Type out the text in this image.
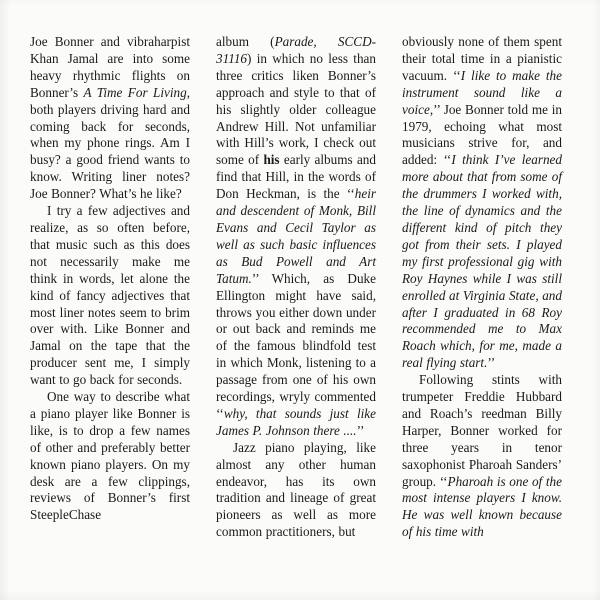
Joe Bonner and vibraharpist Khan Jamal are into some heavy rhythmic flights on Bonner’s A Time For Living, both players driving hard and coming back for seconds, when my phone rings. Am I busy? a good friend wants to know. Writing liner notes? Joe Bonner? What’s he like?

I try a few adjectives and realize, as so often before, that music such as this does not necessarily make me think in words, let alone the kind of fancy adjectives that most liner notes seem to brim over with. Like Bonner and Jamal on the tape that the producer sent me, I simply want to go back for seconds.

One way to describe what a piano player like Bonner is like, is to drop a few names of other and preferably better known piano players. On my desk are a few clippings, reviews of Bonner’s first SteepleChase

album (Parade, SCCD-31116) in which no less than three critics liken Bonner’s approach and style to that of his slightly older colleague Andrew Hill. Not unfamiliar with Hill’s work, I check out some of his early albums and find that Hill, in the words of Don Heckman, is the ‘‘heir and descendent of Monk, Bill Evans and Cecil Taylor as well as such basic influences as Bud Powell and Art Tatum.’’ Which, as Duke Ellington might have said, throws you either down under or out back and reminds me of the famous blindfold test in which Monk, listening to a passage from one of his own recordings, wryly commented ‘‘why, that sounds just like James P. Johnson there ....’’

Jazz piano playing, like almost any other human endeavor, has its own tradition and lineage of great pioneers as well as more common practitioners, but

obviously none of them spent their total time in a pianistic vacuum. ‘‘I like to make the instrument sound like a voice,’’ Joe Bonner told me in 1979, echoing what most musicians strive for, and added: ‘‘I think I’ve learned more about that from some of the drummers I worked with, the line of dynamics and the different kind of pitch they got from their sets. I played my first professional gig with Roy Haynes while I was still enrolled at Virginia State, and after I graduated in 68 Roy recommended me to Max Roach which, for me, made a real flying start.’’

Following stints with trumpeter Freddie Hubbard and Roach’s reedman Billy Harper, Bonner worked for three years in tenor saxophonist Pharoah Sanders’ group. ‘‘Pharoah is one of the most intense players I know. He was well known because of his time with
